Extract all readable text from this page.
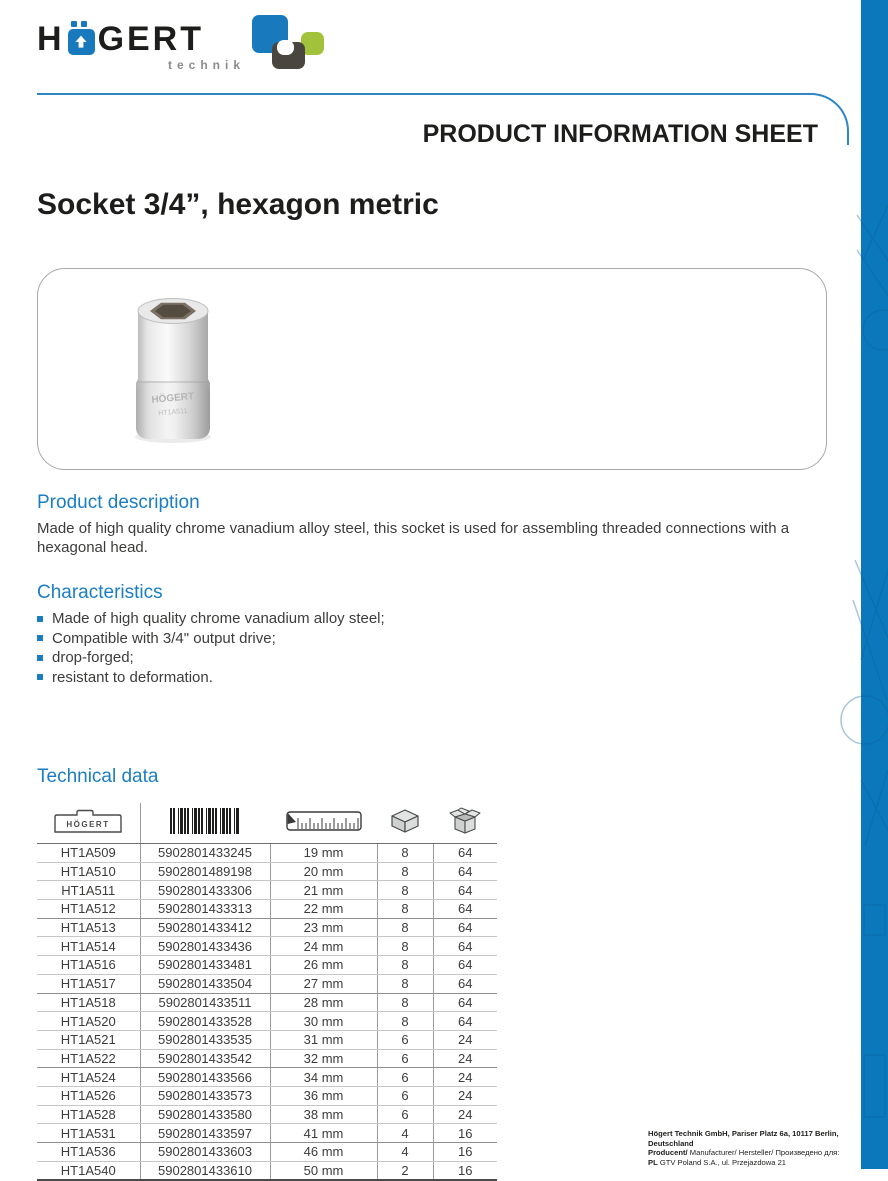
H GERT
technik
PRODUCT INFORMATION SHEET
Socket 3/4”, hexagon metric
HÖGERT
HT1A511
Product description

Made of high quality chrome vanadium alloy steel, this socket is used for assembling threaded connections with a hexagonal head.

Characteristics
Made of high quality chrome vanadium alloy steel;
Compatible with 3/4" output drive;
drop-forged;
resistant to deformation.
Technical data
HÖGERT

HT1A509	5902801433245	19 mm	8	64
HT1A510	5902801489198	20 mm	8	64
HT1A511	5902801433306	21 mm	8	64
HT1A512	5902801433313	22 mm	8	64
HT1A513	5902801433412	23 mm	8	64
HT1A514	5902801433436	24 mm	8	64
HT1A516	5902801433481	26 mm	8	64
HT1A517	5902801433504	27 mm	8	64
HT1A518	5902801433511	28 mm	8	64
HT1A520	5902801433528	30 mm	8	64
HT1A521	5902801433535	31 mm	6	24
HT1A522	5902801433542	32 mm	6	24
HT1A524	5902801433566	34 mm	6	24
HT1A526	5902801433573	36 mm	6	24
HT1A528	5902801433580	38 mm	6	24
HT1A531	5902801433597	41 mm	4	16
HT1A536	5902801433603	46 mm	4	16
HT1A540	5902801433610	50 mm	2	16
Högert Technik GmbH, Pariser Platz 6a, 10117 Berlin, Deutschland
Producent/ Manufacturer/ Hersteller/ Произведено для:
PL GTV Poland S.A., ul. Przejazdowa 21
